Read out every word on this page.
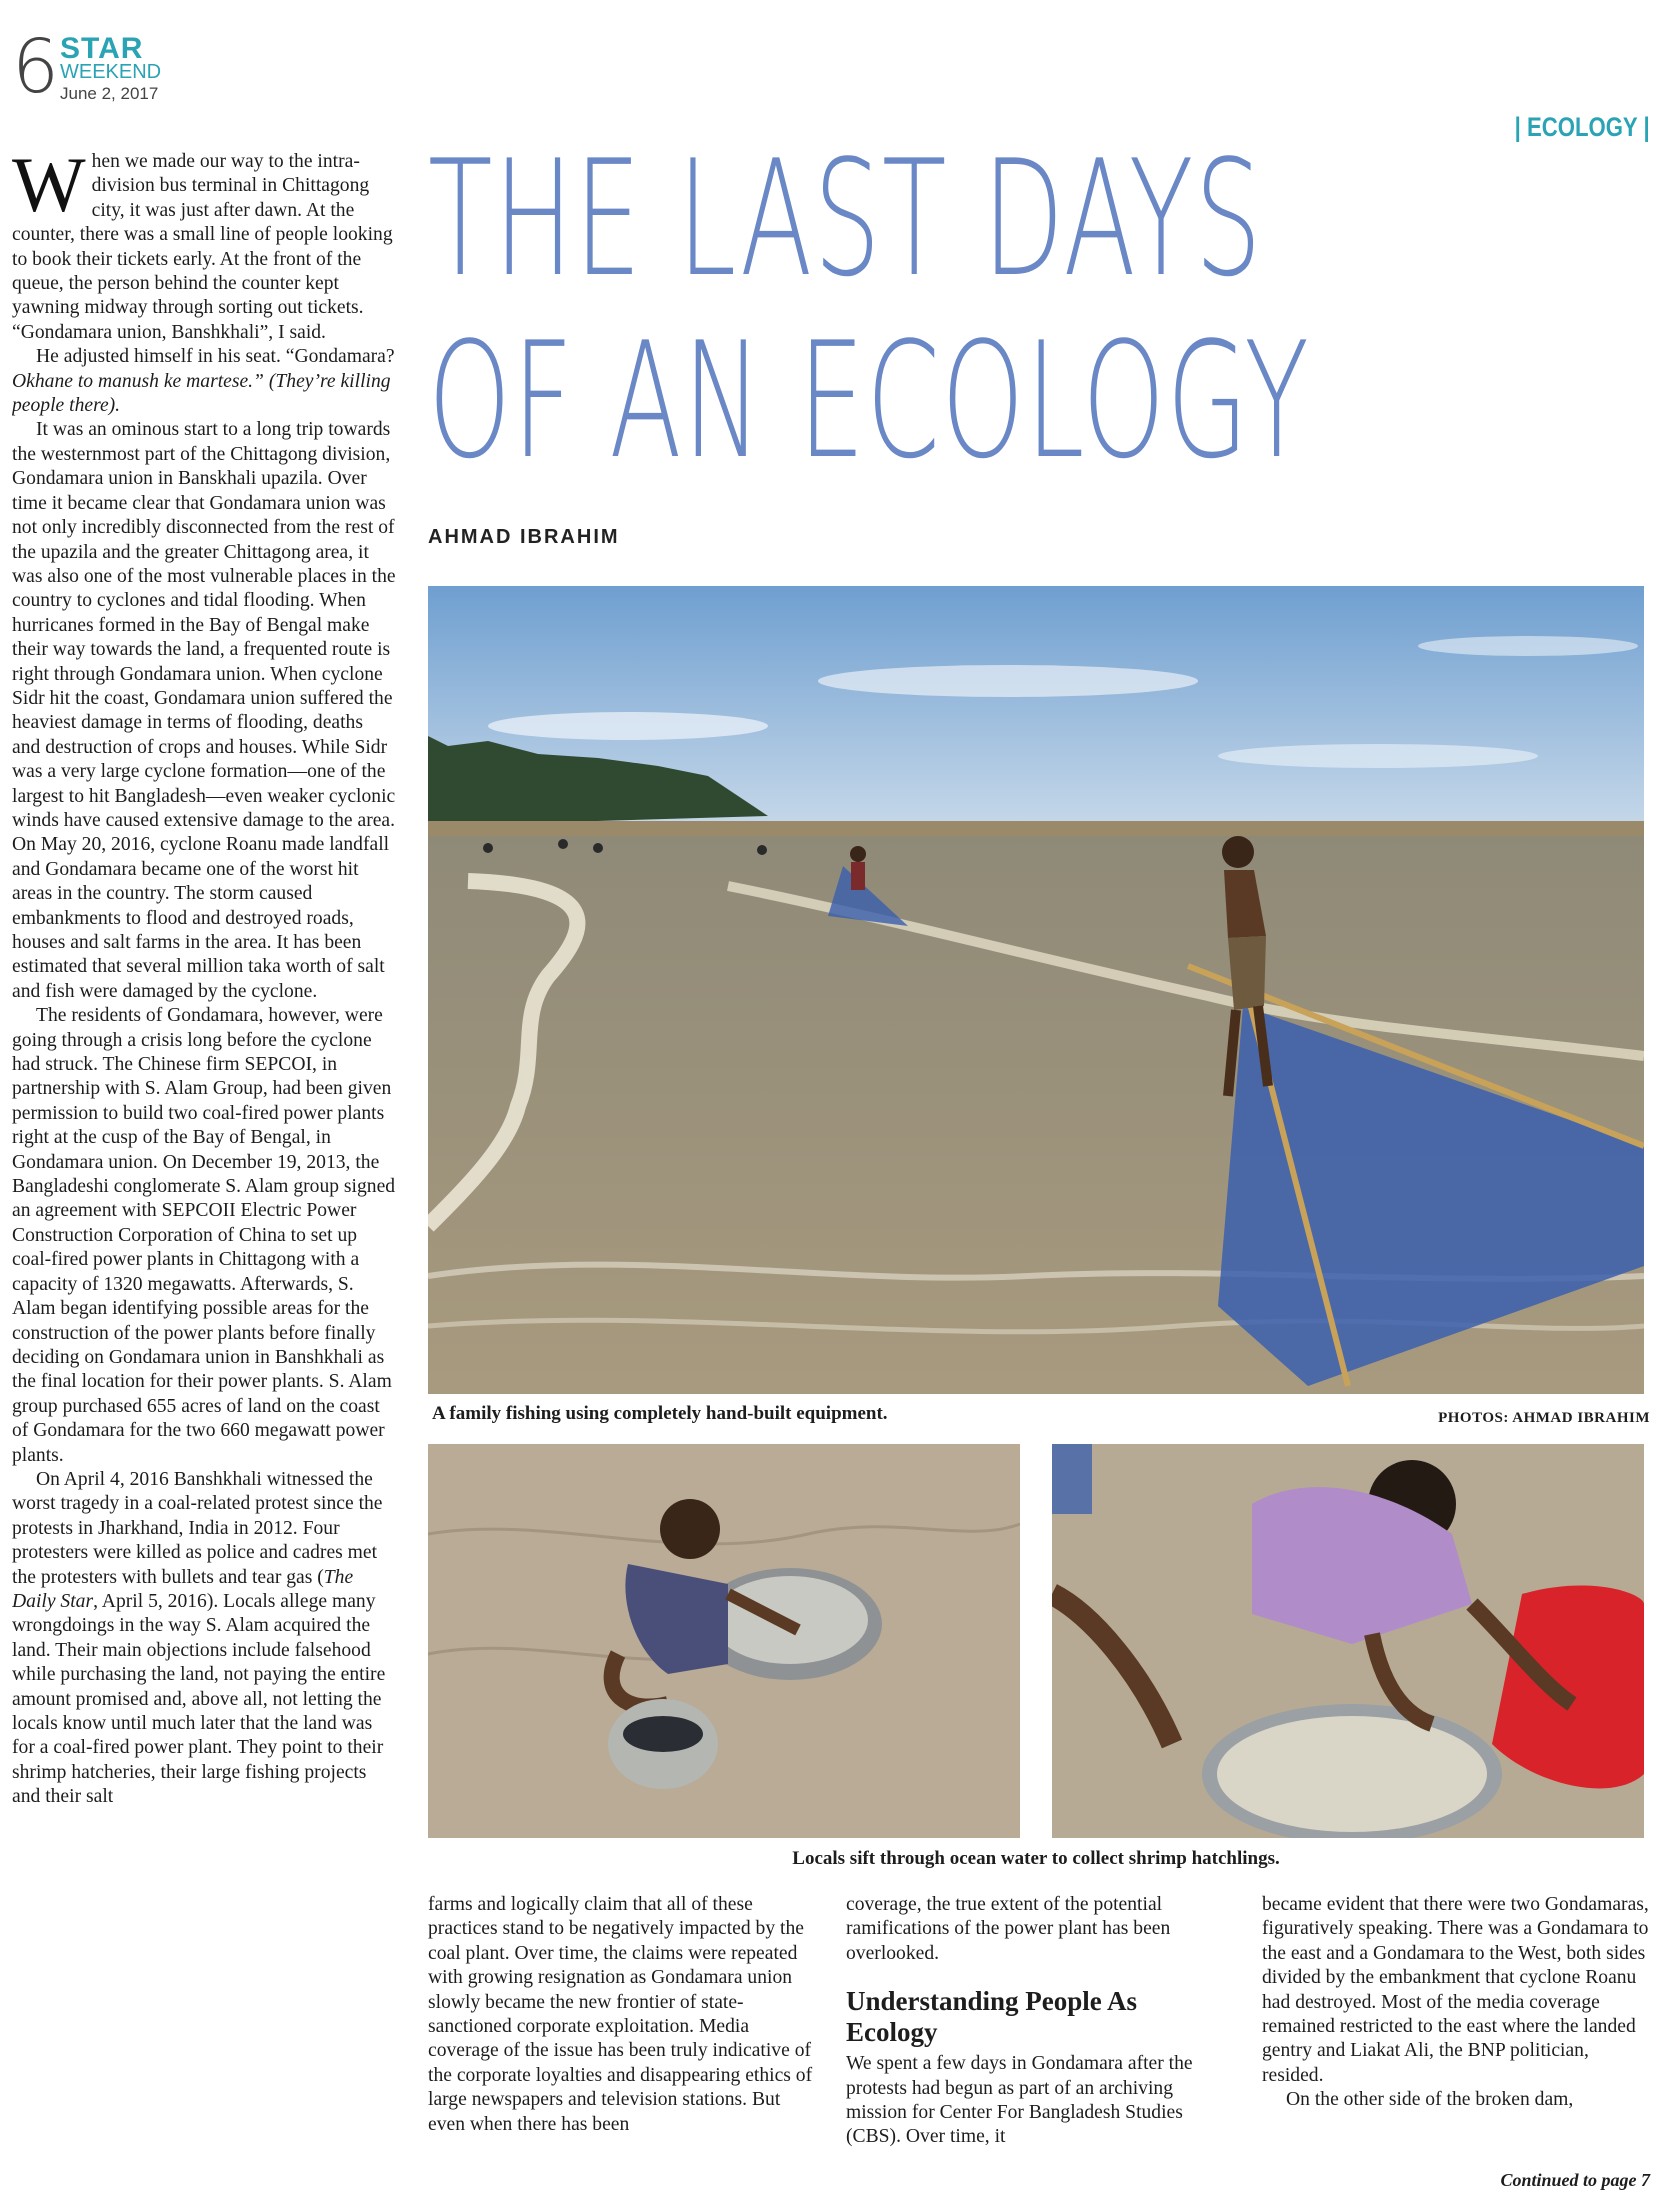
6 STAR
WEEKEND
June 2, 2017
| ECOLOGY |
THE LAST DAYS
OF AN ECOLOGY
AHMAD IBRAHIM

When we made our way to the intra-division bus terminal in Chittagong city, it was just after dawn. At the counter, there was a small line of people looking to book their tickets early. At the front of the queue, the person behind the counter kept yawning midway through sorting out tickets. “Gondamara union, Banshkhali”, I said.

He adjusted himself in his seat. “Gondamara? Okhane to manush ke martese.” (They’re killing people there).

It was an ominous start to a long trip towards the westernmost part of the Chittagong division, Gondamara union in Banskhali upazila. Over time it became clear that Gondamara union was not only incredibly disconnected from the rest of the upazila and the greater Chittagong area, it was also one of the most vulnerable places in the country to cyclones and tidal flooding. When hurricanes formed in the Bay of Bengal make their way towards the land, a frequented route is right through Gondamara union. When cyclone Sidr hit the coast, Gondamara union suffered the heaviest damage in terms of flooding, deaths and destruction of crops and houses. While Sidr was a very large cyclone formation—one of the largest to hit Bangladesh—even weaker cyclonic winds have caused extensive damage to the area. On May 20, 2016, cyclone Roanu made landfall and Gondamara became one of the worst hit areas in the country. The storm caused embankments to flood and destroyed roads, houses and salt farms in the area. It has been estimated that several million taka worth of salt and fish were damaged by the cyclone.

The residents of Gondamara, however, were going through a crisis long before the cyclone had struck. The Chinese firm SEPCOI, in partnership with S. Alam Group, had been given permission to build two coal-fired power plants right at the cusp of the Bay of Bengal, in Gondamara union. On December 19, 2013, the Bangladeshi conglomerate S. Alam group signed an agreement with SEPCOII Electric Power Construction Corporation of China to set up coal-fired power plants in Chittagong with a capacity of 1320 megawatts. Afterwards, S. Alam began identifying possible areas for the construction of the power plants before finally deciding on Gondamara union in Banshkhali as the final location for their power plants. S. Alam group purchased 655 acres of land on the coast of Gondamara for the two 660 megawatt power plants.

On April 4, 2016 Banshkhali witnessed the worst tragedy in a coal-related protest since the protests in Jharkhand, India in 2012. Four protesters were killed as police and cadres met the protesters with bullets and tear gas (The Daily Star, April 5, 2016). Locals allege many wrongdoings in the way S. Alam acquired the land. Their main objections include falsehood while purchasing the land, not paying the entire amount promised and, above all, not letting the locals know until much later that the land was for a coal-fired power plant. They point to their shrimp hatcheries, their large fishing projects and their salt

A family fishing using completely hand-built equipment.	PHOTOS: AHMAD IBRAHIM
Locals sift through ocean water to collect shrimp hatchlings.

farms and logically claim that all of these practices stand to be negatively impacted by the coal plant. Over time, the claims were repeated with growing resignation as Gondamara union slowly became the new frontier of state-sanctioned corporate exploitation. Media coverage of the issue has been truly indicative of the corporate loyalties and disappearing ethics of large newspapers and television stations. But even when there has been

coverage, the true extent of the potential ramifications of the power plant has been overlooked.

Understanding People As Ecology

We spent a few days in Gondamara after the protests had begun as part of an archiving mission for Center For Bangladesh Studies (CBS). Over time, it

became evident that there were two Gondamaras, figuratively speaking. There was a Gondamara to the east and a Gondamara to the West, both sides divided by the embankment that cyclone Roanu had destroyed. Most of the media coverage remained restricted to the east where the landed gentry and Liakat Ali, the BNP politician, resided.

On the other side of the broken dam,

Continued to page 7
